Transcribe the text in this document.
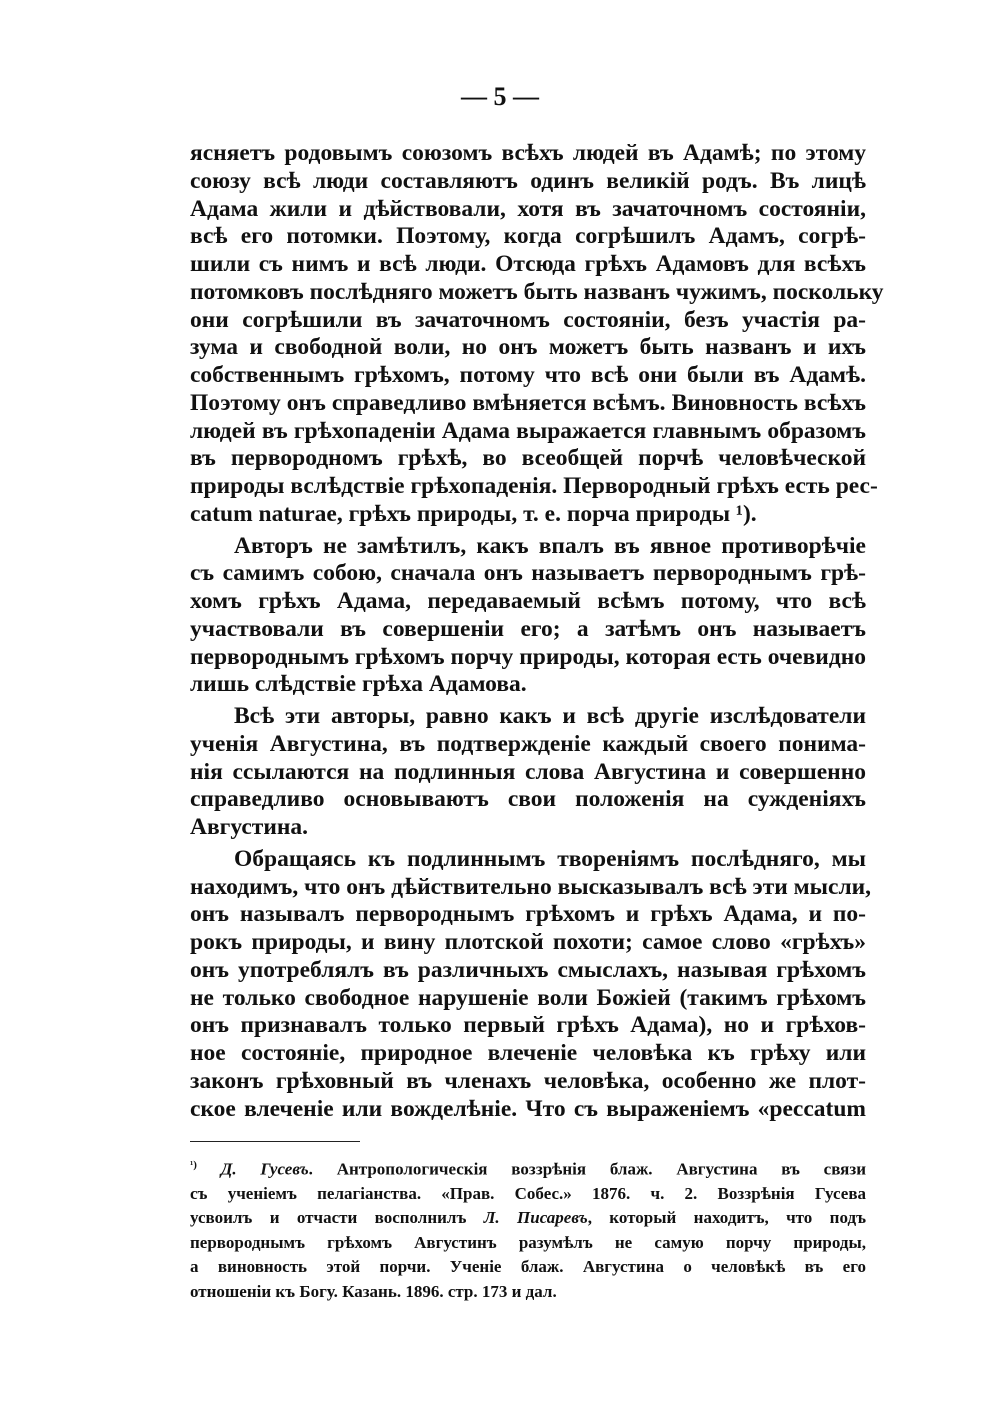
— 5 —
ясняетъ родовымъ союзомъ всѣхъ людей въ Адамѣ; по этому
союзу всѣ люди составляютъ одинъ великій родъ. Въ лицѣ
Адама жили и дѣйствовали, хотя въ зачаточномъ состояніи,
всѣ его потомки. Поэтому, когда согрѣшилъ Адамъ, согрѣ-
шили съ нимъ и всѣ люди. Отсюда грѣхъ Адамовъ для всѣхъ
потомковъ послѣдняго можетъ быть названъ чужимъ, поскольку
они согрѣшили въ зачаточномъ состояніи, безъ участія ра-
зума и свободной воли, но онъ можетъ быть названъ и ихъ
собственнымъ грѣхомъ, потому что всѣ они были въ Адамѣ.
Поэтому онъ справедливо вмѣняется всѣмъ. Виновность всѣхъ
людей въ грѣхопаденіи Адама выражается главнымъ образомъ
въ первородномъ грѣхѣ, во всеобщей порчѣ человѣческой
природы вслѣдствіе грѣхопаденія. Первородный грѣхъ есть рес-
catum naturae, грѣхъ природы, т. е. порча природы ¹).
Авторъ не замѣтилъ, какъ впалъ въ явное противорѣчіе
съ самимъ собою, сначала онъ называетъ первороднымъ грѣ-
хомъ грѣхъ Адама, передаваемый всѣмъ потому, что всѣ
участвовали въ совершеніи его; а затѣмъ онъ называетъ
первороднымъ грѣхомъ порчу природы, которая есть очевидно
лишь слѣдствіе грѣха Адамова.
Всѣ эти авторы, равно какъ и всѣ другіе изслѣдователи
ученія Августина, въ подтвержденіе каждый своего понима-
нія ссылаются на подлинныя слова Августина и совершенно
справедливо основываютъ свои положенія на сужденіяхъ
Августина.
Обращаясь къ подлиннымъ твореніямъ послѣдняго, мы
находимъ, что онъ дѣйствительно высказывалъ всѣ эти мысли,
онъ называлъ первороднымъ грѣхомъ и грѣхъ Адама, и по-
рокъ природы, и вину плотской похоти; самое слово «грѣхъ»
онъ употреблялъ въ различныхъ смыслахъ, называя грѣхомъ
не только свободное нарушеніе воли Божіей (такимъ грѣхомъ
онъ признавалъ только первый грѣхъ Адама), но и грѣхов-
ное состояніе, природное влеченіе человѣка къ грѣху или
законъ грѣховный въ членахъ человѣка, особенно же плот-
ское влеченіе или вожделѣніе. Что съ выраженіемъ «peccatum
$^{^1)}$ Д. Гусевъ. Антропологическія воззрѣнія блаж. Августина въ связи
съ ученіемъ пелагіанства. «Прав. Собес.» 1876. ч. 2. Воззрѣнія Гусева
усвоилъ и отчасти восполнилъ Л. Писаревъ, который находитъ, что подъ
первороднымъ грѣхомъ Августинъ разумѣлъ не самую порчу природы,
а виновность этой порчи. Ученіе блаж. Августина о человѣкѣ въ его
отношеніи къ Богу. Казань. 1896. стр. 173 и дал.
